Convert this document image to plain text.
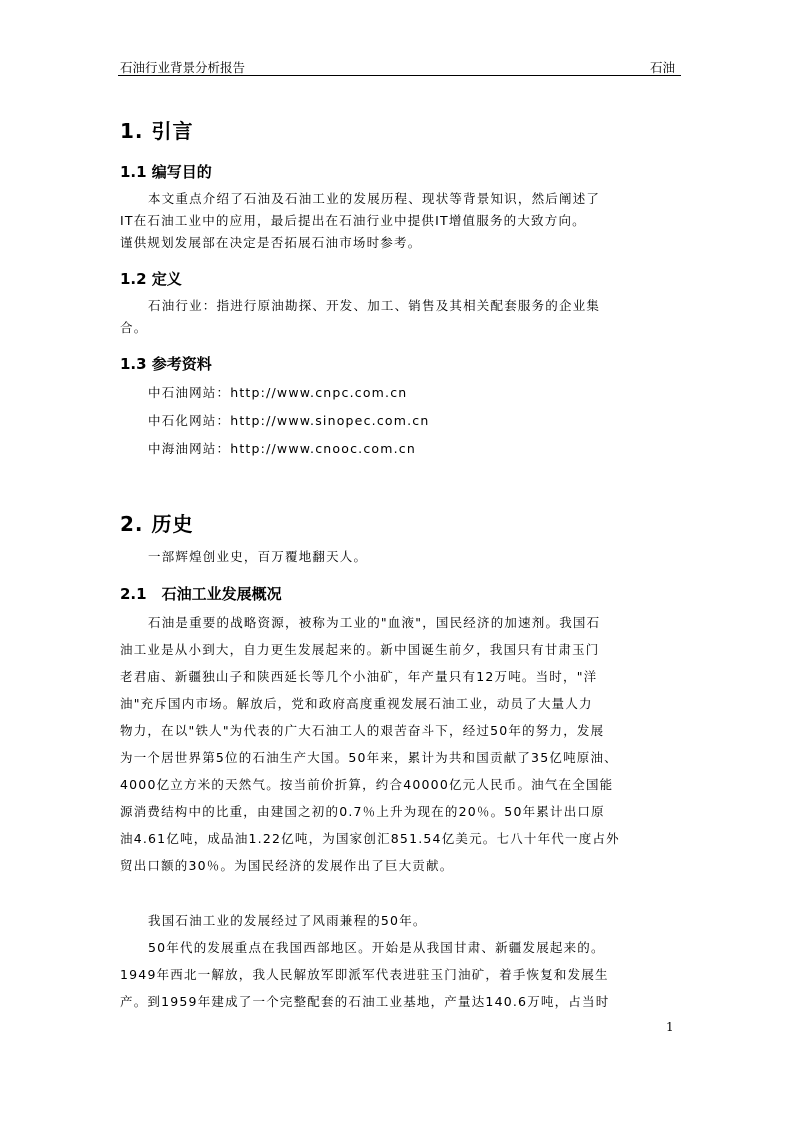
石油行业背景分析报告	石油
1. 引言
1.1 编写目的
本文重点介绍了石油及石油工业的发展历程、现状等背景知识，然后阐述了
IT在石油工业中的应用，最后提出在石油行业中提供IT增值服务的大致方向。
谨供规划发展部在决定是否拓展石油市场时参考。
1.2 定义
石油行业：指进行原油勘探、开发、加工、销售及其相关配套服务的企业集
合。
1.3 参考资料
中石油网站：http://www.cnpc.com.cn
中石化网站：http://www.sinopec.com.cn
中海油网站：http://www.cnooc.com.cn
2. 历史
一部辉煌创业史，百万覆地翻天人。
2.1　石油工业发展概况
石油是重要的战略资源，被称为工业的"血液"，国民经济的加速剂。我国石
油工业是从小到大，自力更生发展起来的。新中国诞生前夕，我国只有甘肃玉门
老君庙、新疆独山子和陕西延长等几个小油矿，年产量只有12万吨。当时，"洋
油"充斥国内市场。解放后，党和政府高度重视发展石油工业，动员了大量人力
物力，在以"铁人"为代表的广大石油工人的艰苦奋斗下，经过50年的努力，发展
为一个居世界第5位的石油生产大国。50年来，累计为共和国贡献了35亿吨原油、
4000亿立方米的天然气。按当前价折算，约合40000亿元人民币。油气在全国能
源消费结构中的比重，由建国之初的0.7％上升为现在的20％。50年累计出口原
油4.61亿吨，成品油1.22亿吨，为国家创汇851.54亿美元。七八十年代一度占外
贸出口额的30％。为国民经济的发展作出了巨大贡献。
我国石油工业的发展经过了风雨兼程的50年。
50年代的发展重点在我国西部地区。开始是从我国甘肃、新疆发展起来的。
1949年西北一解放，我人民解放军即派军代表进驻玉门油矿，着手恢复和发展生
产。到1959年建成了一个完整配套的石油工业基地，产量达140.6万吨，占当时
1
